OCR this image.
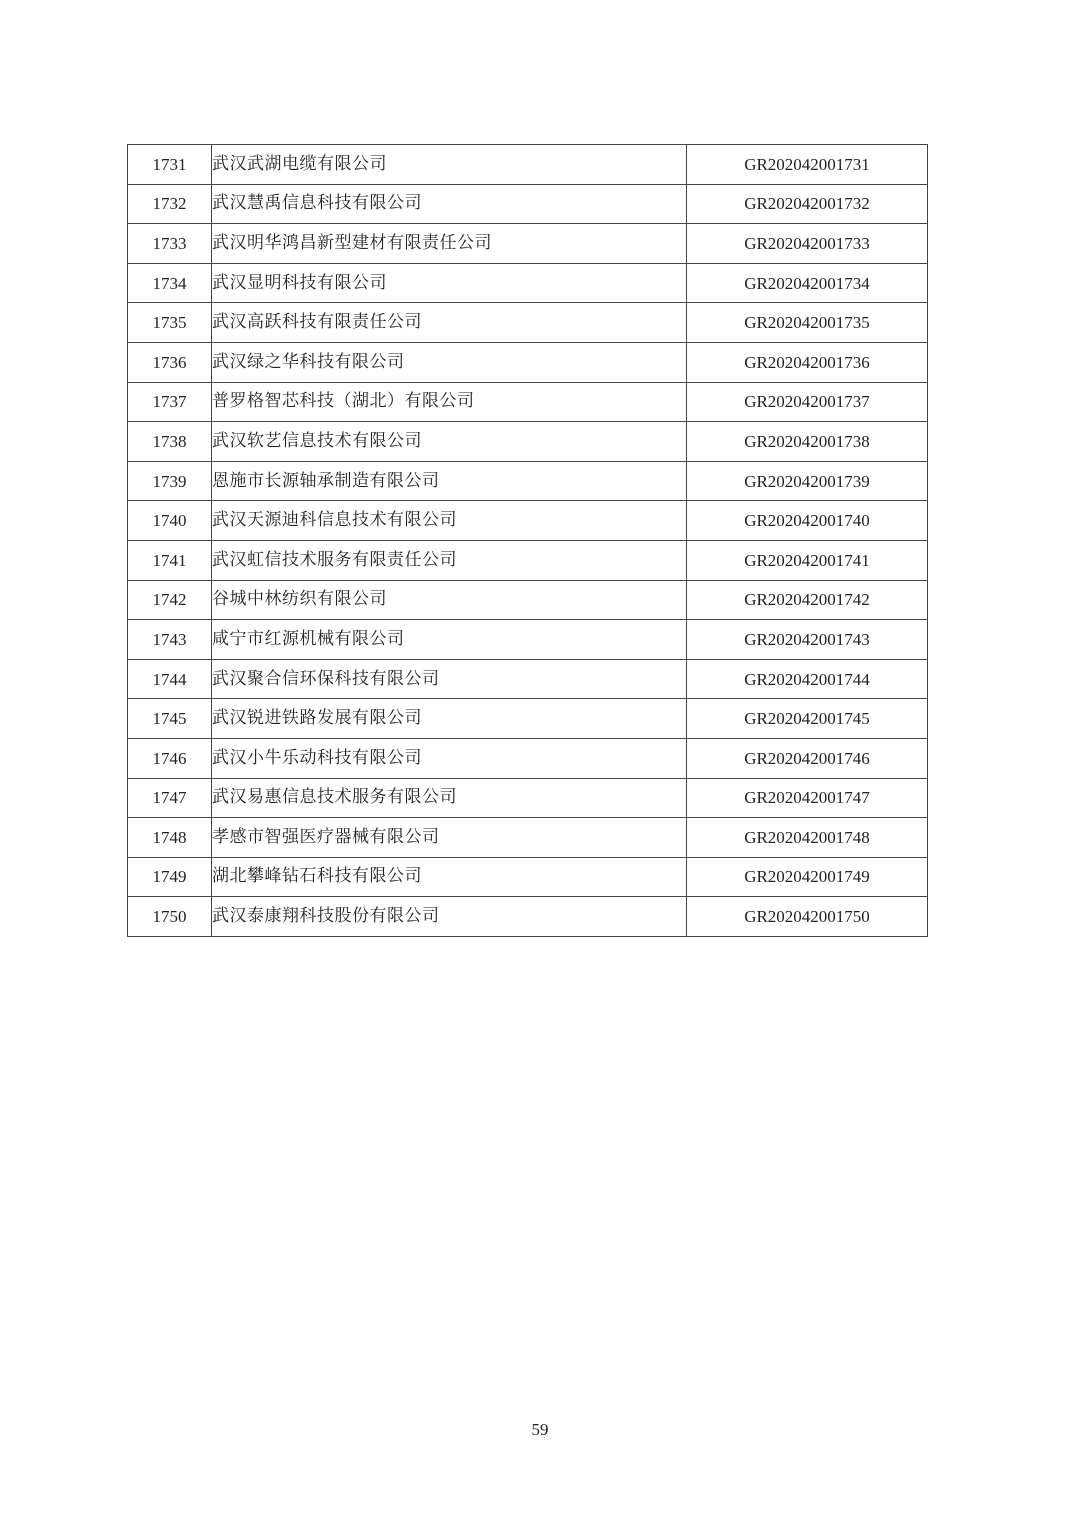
1731	武汉武湖电缆有限公司	GR202042001731
1732	武汉慧禹信息科技有限公司	GR202042001732
1733	武汉明华鸿昌新型建材有限责任公司	GR202042001733
1734	武汉显明科技有限公司	GR202042001734
1735	武汉高跃科技有限责任公司	GR202042001735
1736	武汉绿之华科技有限公司	GR202042001736
1737	普罗格智芯科技（湖北）有限公司	GR202042001737
1738	武汉软艺信息技术有限公司	GR202042001738
1739	恩施市长源轴承制造有限公司	GR202042001739
1740	武汉天源迪科信息技术有限公司	GR202042001740
1741	武汉虹信技术服务有限责任公司	GR202042001741
1742	谷城中林纺织有限公司	GR202042001742
1743	咸宁市红源机械有限公司	GR202042001743
1744	武汉聚合信环保科技有限公司	GR202042001744
1745	武汉锐进铁路发展有限公司	GR202042001745
1746	武汉小牛乐动科技有限公司	GR202042001746
1747	武汉易惠信息技术服务有限公司	GR202042001747
1748	孝感市智强医疗器械有限公司	GR202042001748
1749	湖北攀峰钻石科技有限公司	GR202042001749
1750	武汉泰康翔科技股份有限公司	GR202042001750
59
